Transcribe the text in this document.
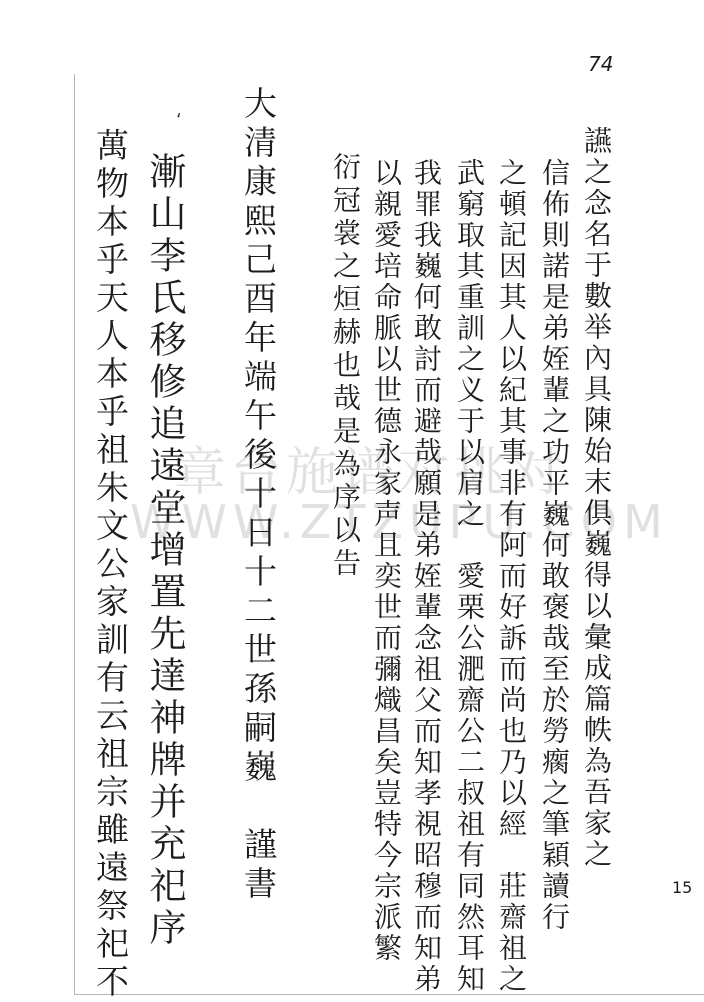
章台施谱对挑对
WWW.ZTZUPU.COM
74
15
‘
讌之念名于數举內具陳始末俱巍得以彙成篇帙為吾家之
信佈則諾是弟姪輩之功平巍何敢褒哉至於勞瘸之筆穎讀行
之頓記因其人以紀其事非有阿而好訴而尚也乃以經　莊齋祖之
武窮取其重訓之义于以肩之　愛栗公淝齋公二叔祖有同然耳知
我罪我巍何敢討而避哉願是弟姪輩念祖父而知孝視昭穆而知弟
以親愛培命脈以世德永家声且奕世而彌熾昌矣豈特今宗派繁
衍冠裳之烜赫也哉是為序以告
大清康熙己酉年端午後十日十二世孫嗣巍　謹書
漸山李氏移修追遠堂增置先達神牌并充祀序
萬物本乎天人本乎祖朱文公家訓有云祖宗雖遠祭祀不
